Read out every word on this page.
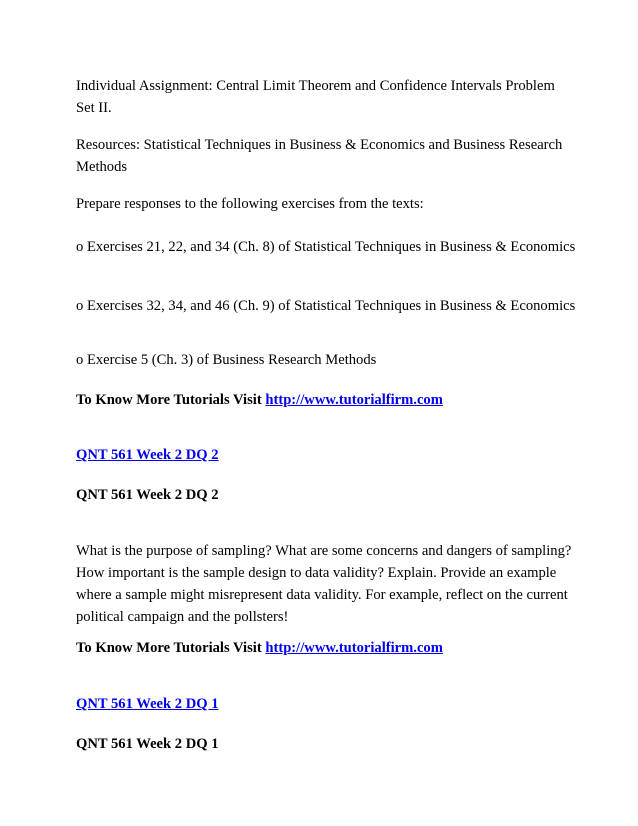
Individual Assignment: Central Limit Theorem and Confidence Intervals Problem Set II.

Resources: Statistical Techniques in Business & Economics and Business Research Methods

Prepare responses to the following exercises from the texts:

o Exercises 21, 22, and 34 (Ch. 8) of Statistical Techniques in Business & Economics

o Exercises 32, 34, and 46 (Ch. 9) of Statistical Techniques in Business & Economics

o Exercise 5 (Ch. 3) of Business Research Methods

To Know More Tutorials Visit http://www.tutorialfirm.com

QNT 561 Week 2 DQ 2

QNT 561 Week 2 DQ 2

What is the purpose of sampling? What are some concerns and dangers of sampling? How important is the sample design to data validity? Explain. Provide an example where a sample might misrepresent data validity. For example, reflect on the current political campaign and the pollsters!

To Know More Tutorials Visit http://www.tutorialfirm.com

QNT 561 Week 2 DQ 1

QNT 561 Week 2 DQ 1
